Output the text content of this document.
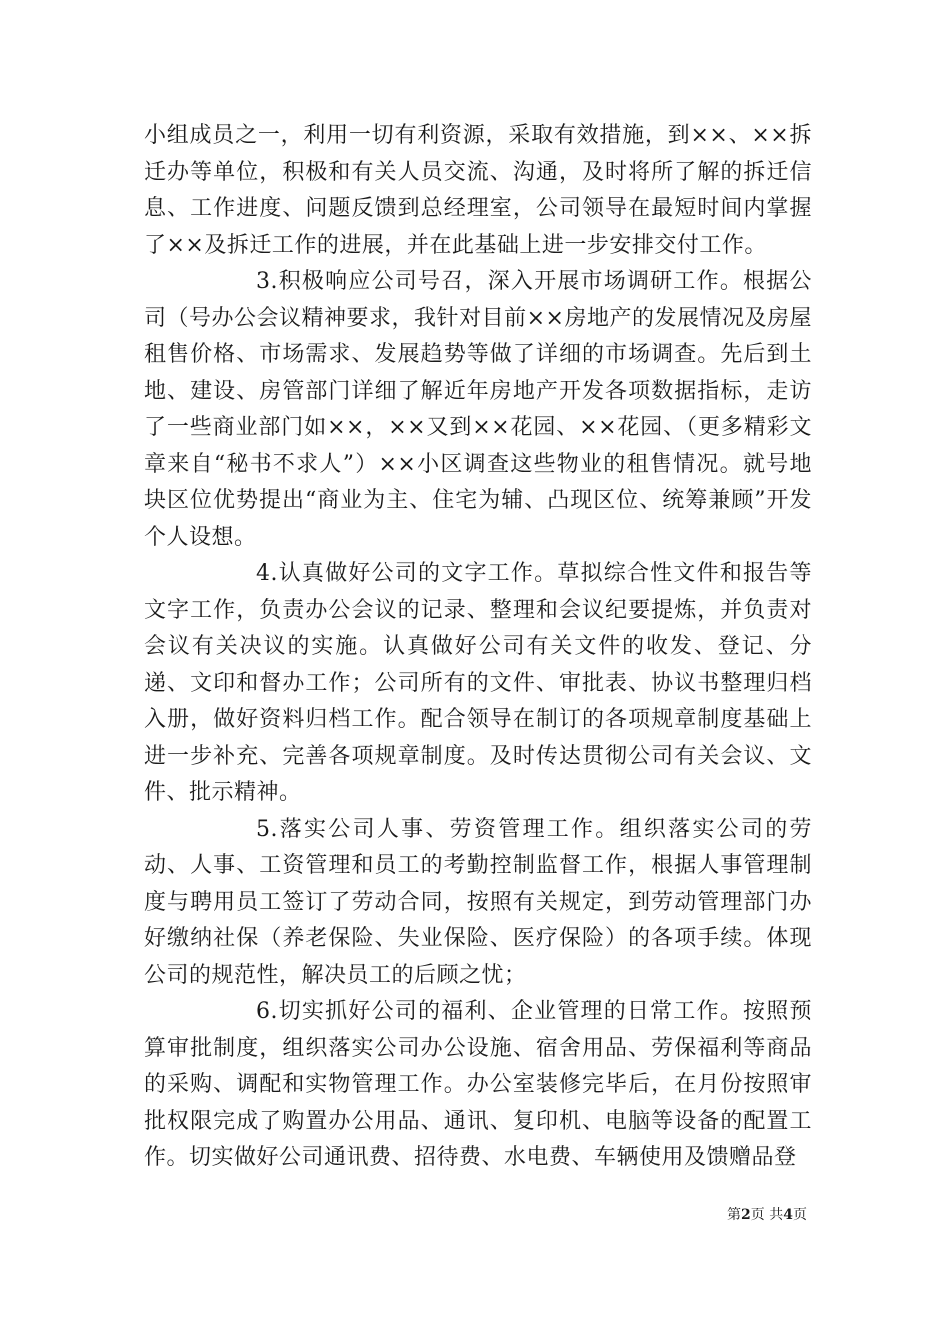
小组成员之一，利用一切有利资源，采取有效措施，到××、××拆迁办等单位，积极和有关人员交流、沟通，及时将所了解的拆迁信息、工作进度、问题反馈到总经理室，公司领导在最短时间内掌握了××及拆迁工作的进展，并在此基础上进一步安排交付工作。

3.积极响应公司号召，深入开展市场调研工作。根据公司（号办公会议精神要求，我针对目前××房地产的发展情况及房屋租售价格、市场需求、发展趋势等做了详细的市场调查。先后到土地、建设、房管部门详细了解近年房地产开发各项数据指标，走访了一些商业部门如××，××又到××花园、××花园、（更多精彩文章来自“秘书不求人”）××小区调查这些物业的租售情况。就号地块区位优势提出“商业为主、住宅为辅、凸现区位、统筹兼顾”开发个人设想。

4.认真做好公司的文字工作。草拟综合性文件和报告等文字工作，负责办公会议的记录、整理和会议纪要提炼，并负责对会议有关决议的实施。认真做好公司有关文件的收发、登记、分递、文印和督办工作；公司所有的文件、审批表、协议书整理归档入册，做好资料归档工作。配合领导在制订的各项规章制度基础上进一步补充、完善各项规章制度。及时传达贯彻公司有关会议、文件、批示精神。

5.落实公司人事、劳资管理工作。组织落实公司的劳动、人事、工资管理和员工的考勤控制监督工作，根据人事管理制度与聘用员工签订了劳动合同，按照有关规定，到劳动管理部门办好缴纳社保（养老保险、失业保险、医疗保险）的各项手续。体现公司的规范性，解决员工的后顾之忧；

6.切实抓好公司的福利、企业管理的日常工作。按照预算审批制度，组织落实公司办公设施、宿舍用品、劳保福利等商品的采购、调配和实物管理工作。办公室装修完毕后，在月份按照审批权限完成了购置办公用品、通讯、复印机、电脑等设备的配置工作。切实做好公司通讯费、招待费、水电费、车辆使用及馈赠品登

第2页 共4页
